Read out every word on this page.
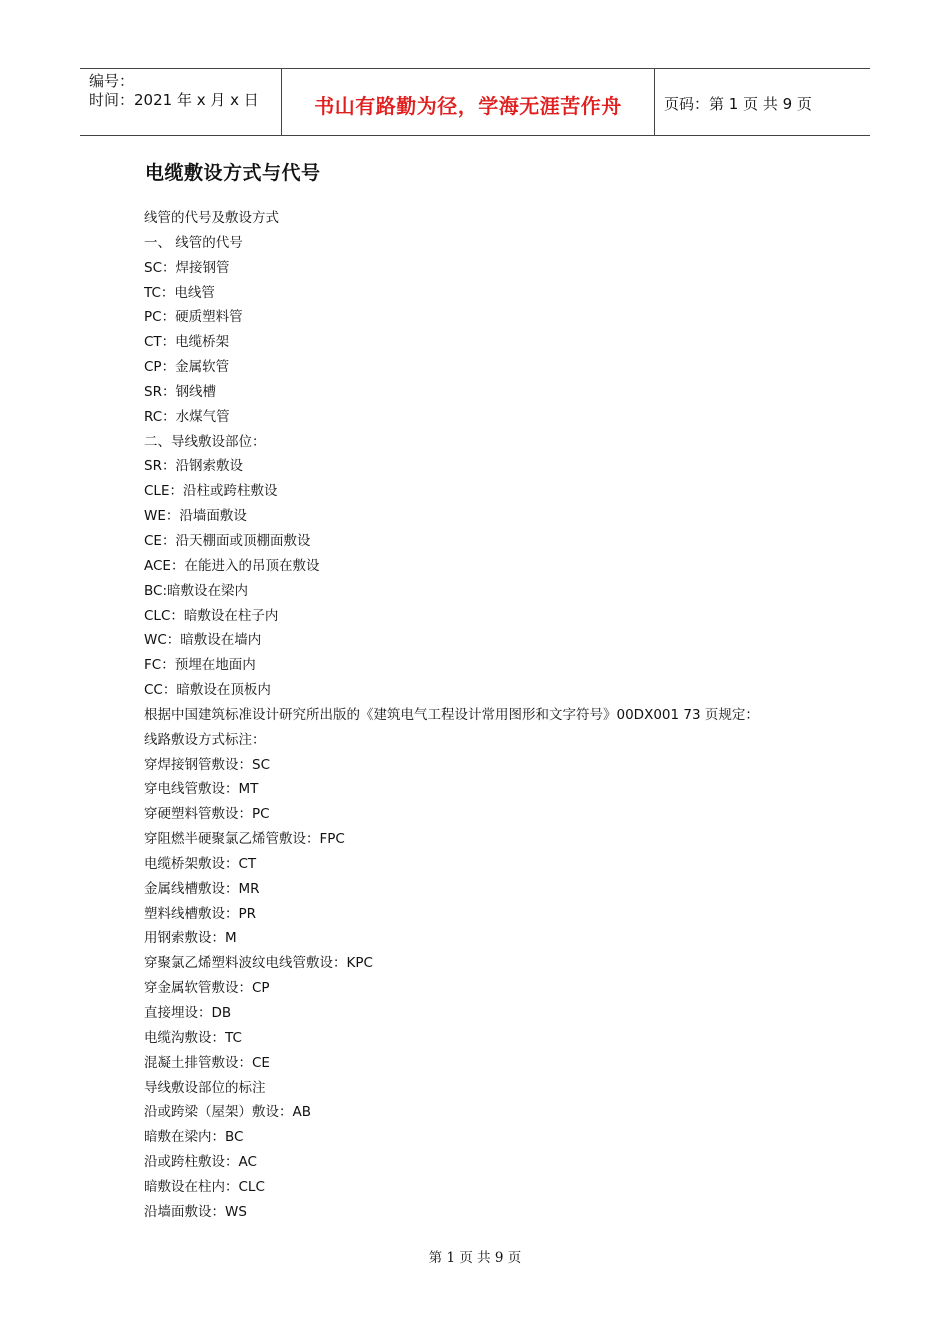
编号：
时间：2021 年 x 月 x 日	书山有路勤为径，学海无涯苦作舟	页码：第 1 页 共 9 页
电缆敷设方式与代号
线管的代号及敷设方式
一、 线管的代号
SC：焊接钢管
TC：电线管
PC：硬质塑料管
CT：电缆桥架
CP：金属软管
SR：钢线槽
RC：水煤气管
二、导线敷设部位：
SR：沿钢索敷设
CLE：沿柱或跨柱敷设
WE：沿墙面敷设
CE：沿天棚面或顶棚面敷设
ACE：在能进入的吊顶在敷设
BC:暗敷设在梁内
CLC：暗敷设在柱子内
WC：暗敷设在墙内
FC：预埋在地面内
CC：暗敷设在顶板内
根据中国建筑标准设计研究所出版的《建筑电气工程设计常用图形和文字符号》00DX001 73 页规定：
线路敷设方式标注：
穿焊接钢管敷设：SC
穿电线管敷设：MT
穿硬塑料管敷设：PC
穿阻燃半硬聚氯乙烯管敷设：FPC
电缆桥架敷设：CT
金属线槽敷设：MR
塑料线槽敷设：PR
用钢索敷设：M
穿聚氯乙烯塑料波纹电线管敷设：KPC
穿金属软管敷设：CP
直接埋设：DB
电缆沟敷设：TC
混凝土排管敷设：CE
导线敷设部位的标注
沿或跨梁（屋架）敷设：AB
暗敷在梁内：BC
沿或跨柱敷设：AC
暗敷设在柱内：CLC
沿墙面敷设：WS
第 1 页 共 9 页
